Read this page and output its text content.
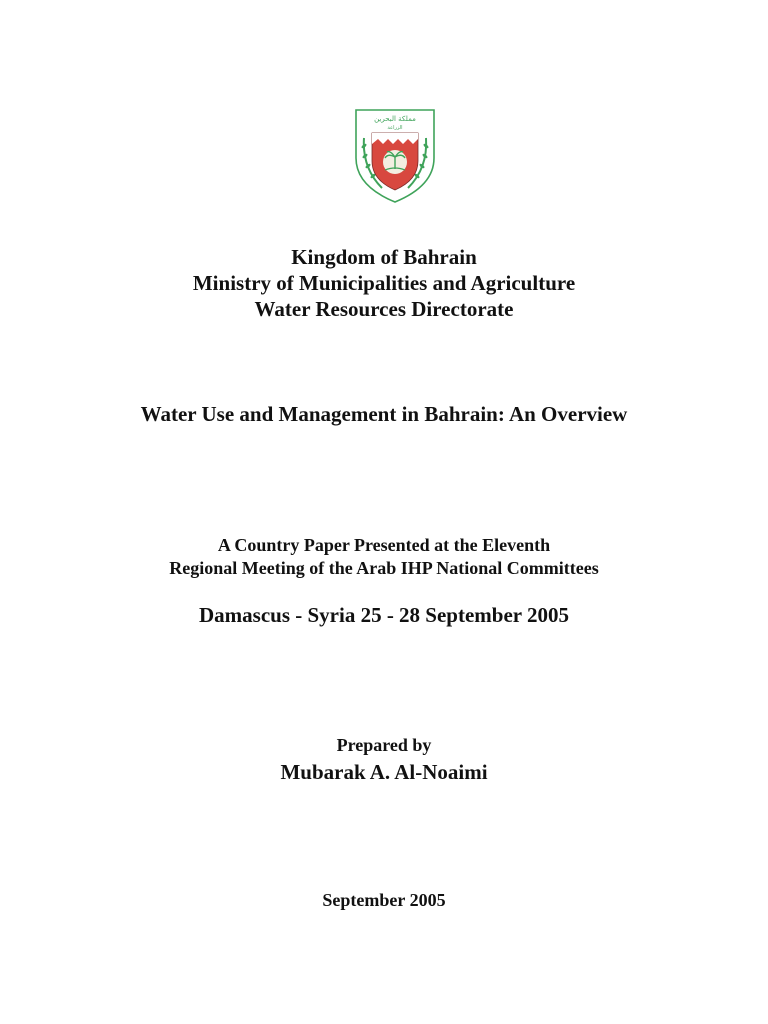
مملكة البحرين
الزراعة
Kingdom of Bahrain
Ministry of Municipalities and Agriculture
Water Resources Directorate
Water Use and Management in Bahrain: An Overview
A Country Paper Presented at the Eleventh
Regional Meeting of the Arab IHP National Committees
Damascus - Syria 25 - 28 September 2005
Prepared by
Mubarak A. Al-Noaimi
September 2005
